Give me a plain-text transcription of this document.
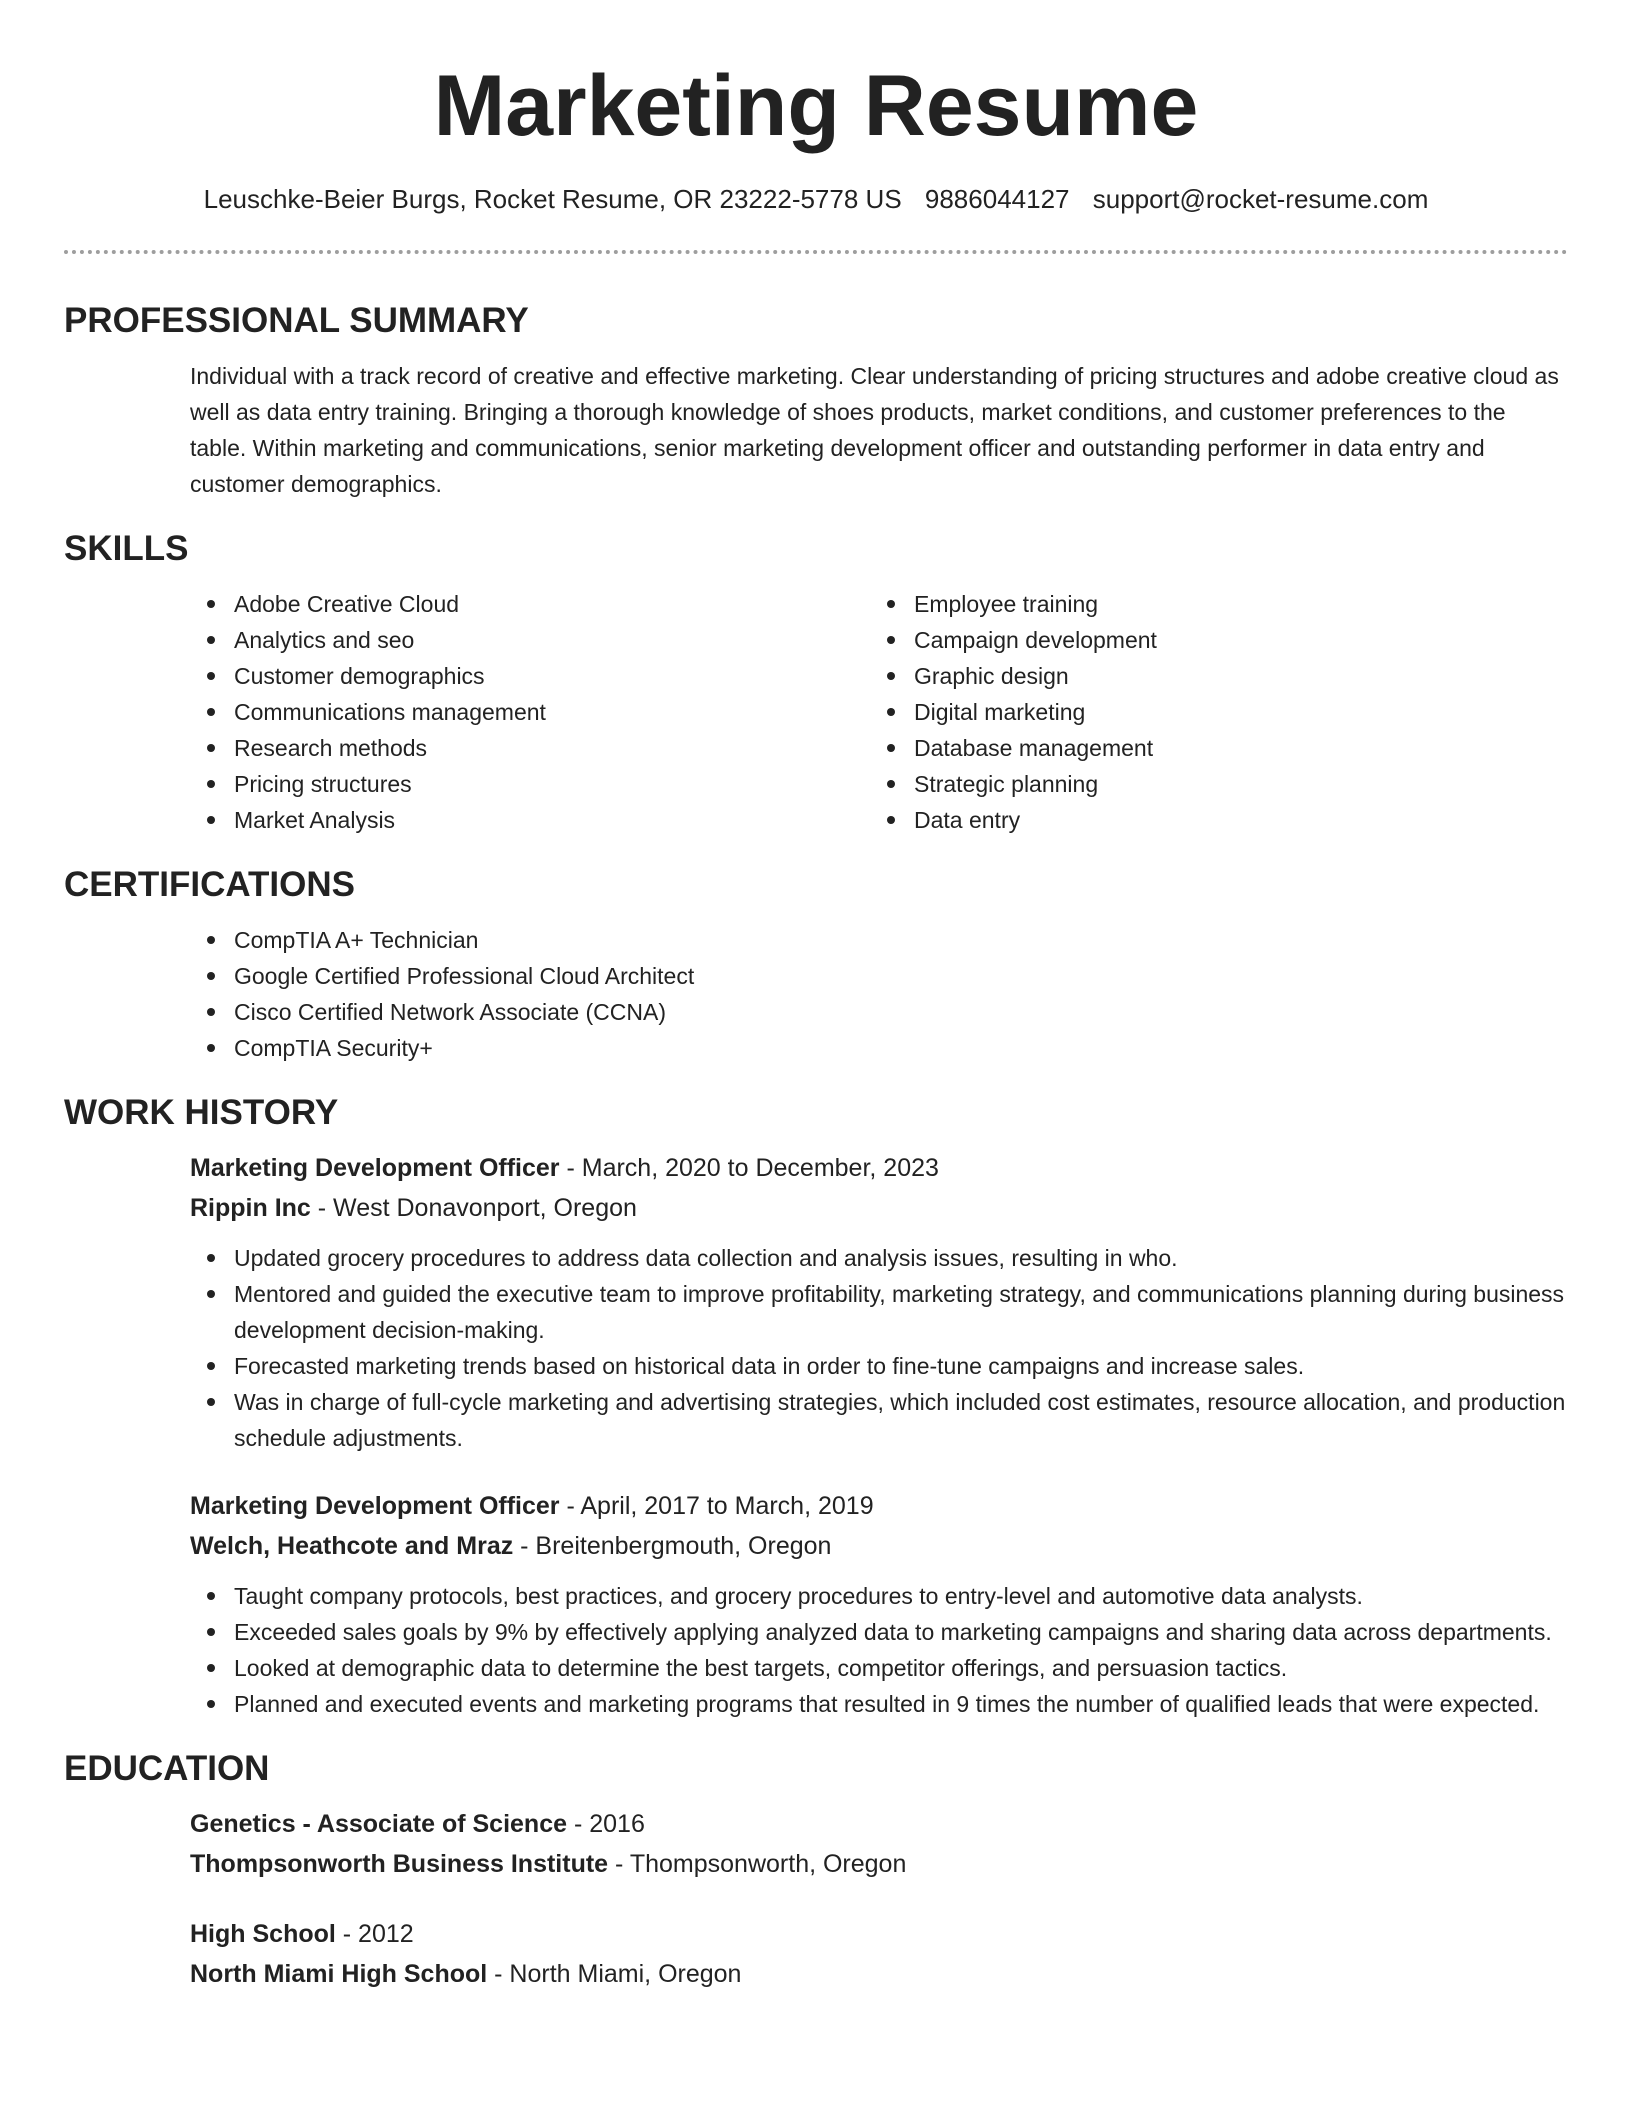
Marketing Resume
Leuschke-Beier Burgs, Rocket Resume, OR 23222-5778 US 9886044127 support@rocket-resume.com
PROFESSIONAL SUMMARY
Individual with a track record of creative and effective marketing. Clear understanding of pricing structures and adobe creative cloud as well as data entry training. Bringing a thorough knowledge of shoes products, market conditions, and customer preferences to the table. Within marketing and communications, senior marketing development officer and outstanding performer in data entry and customer demographics.
SKILLS
Adobe Creative Cloud
Analytics and seo
Customer demographics
Communications management
Research methods
Pricing structures
Market Analysis
Employee training
Campaign development
Graphic design
Digital marketing
Database management
Strategic planning
Data entry
CERTIFICATIONS
CompTIA A+ Technician
Google Certified Professional Cloud Architect
Cisco Certified Network Associate (CCNA)
CompTIA Security+
WORK HISTORY
Marketing Development Officer - March, 2020 to December, 2023
Rippin Inc - West Donavonport, Oregon
Updated grocery procedures to address data collection and analysis issues, resulting in who.
Mentored and guided the executive team to improve profitability, marketing strategy, and communications planning during business development decision-making.
Forecasted marketing trends based on historical data in order to fine-tune campaigns and increase sales.
Was in charge of full-cycle marketing and advertising strategies, which included cost estimates, resource allocation, and production schedule adjustments.
Marketing Development Officer - April, 2017 to March, 2019
Welch, Heathcote and Mraz - Breitenbergmouth, Oregon
Taught company protocols, best practices, and grocery procedures to entry-level and automotive data analysts.
Exceeded sales goals by 9% by effectively applying analyzed data to marketing campaigns and sharing data across departments.
Looked at demographic data to determine the best targets, competitor offerings, and persuasion tactics.
Planned and executed events and marketing programs that resulted in 9 times the number of qualified leads that were expected.
EDUCATION
Genetics - Associate of Science - 2016
Thompsonworth Business Institute - Thompsonworth, Oregon
High School - 2012
North Miami High School - North Miami, Oregon
